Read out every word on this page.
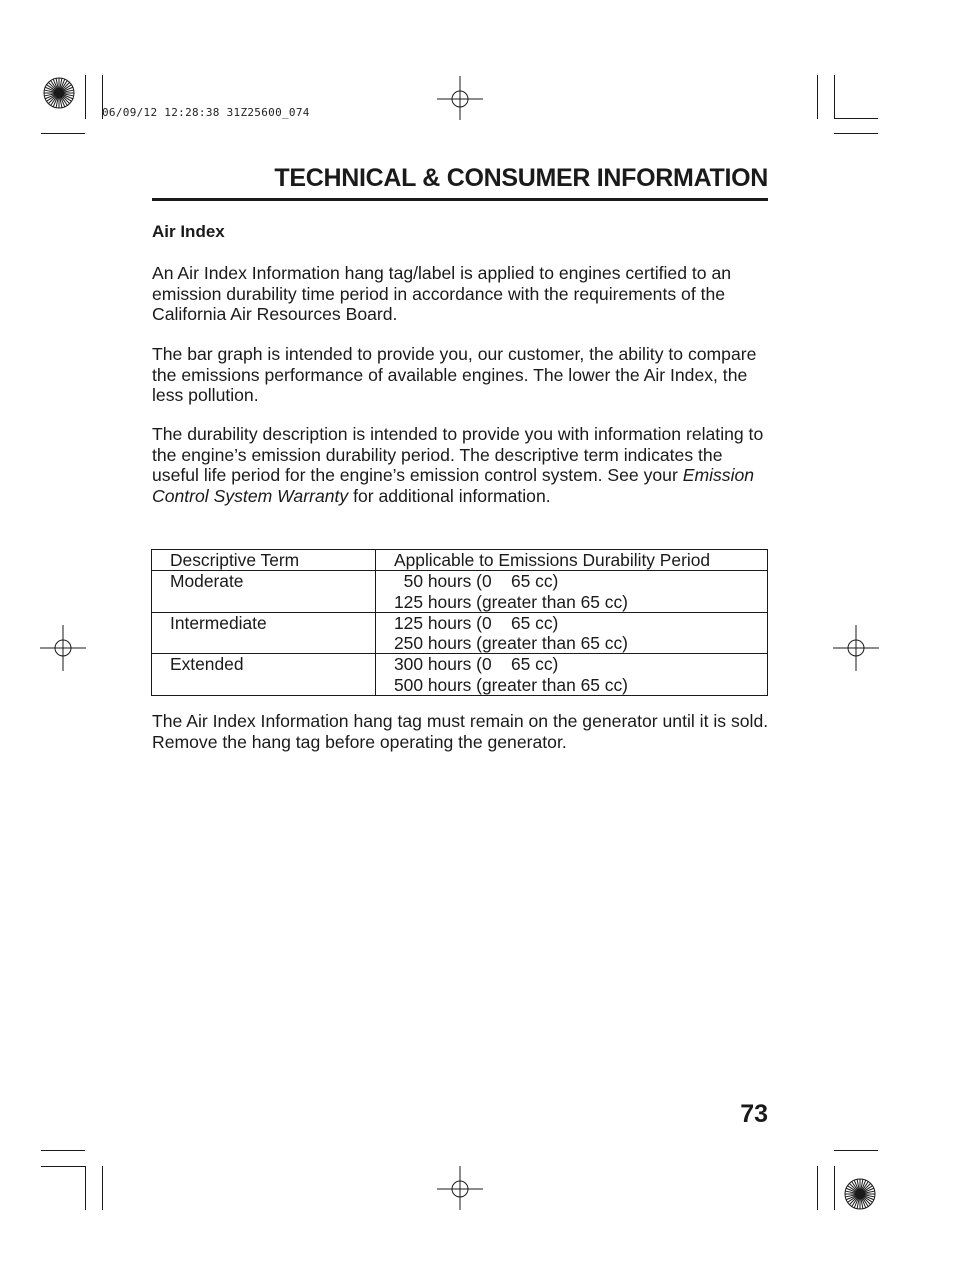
06/09/12 12:28:38 31Z25600_074
TECHNICAL & CONSUMER INFORMATION
Air Index

An Air Index Information hang tag/label is applied to engines certified to an emission durability time period in accordance with the requirements of the California Air Resources Board.

The bar graph is intended to provide you, our customer, the ability to compare the emissions performance of available engines. The lower the Air Index, the less pollution.

The durability description is intended to provide you with information relating to the engine’s emission durability period. The descriptive term indicates the useful life period for the engine’s emission control system. See your Emission Control System Warranty for additional information.

Descriptive Term	Applicable to Emissions Durability Period
Moderate	50 hours (0    65 cc)
125 hours (greater than 65 cc)

Intermediate	125 hours (0    65 cc)
250 hours (greater than 65 cc)

Extended	300 hours (0    65 cc)
500 hours (greater than 65 cc)

The Air Index Information hang tag must remain on the generator until it is sold. Remove the hang tag before operating the generator.

73
